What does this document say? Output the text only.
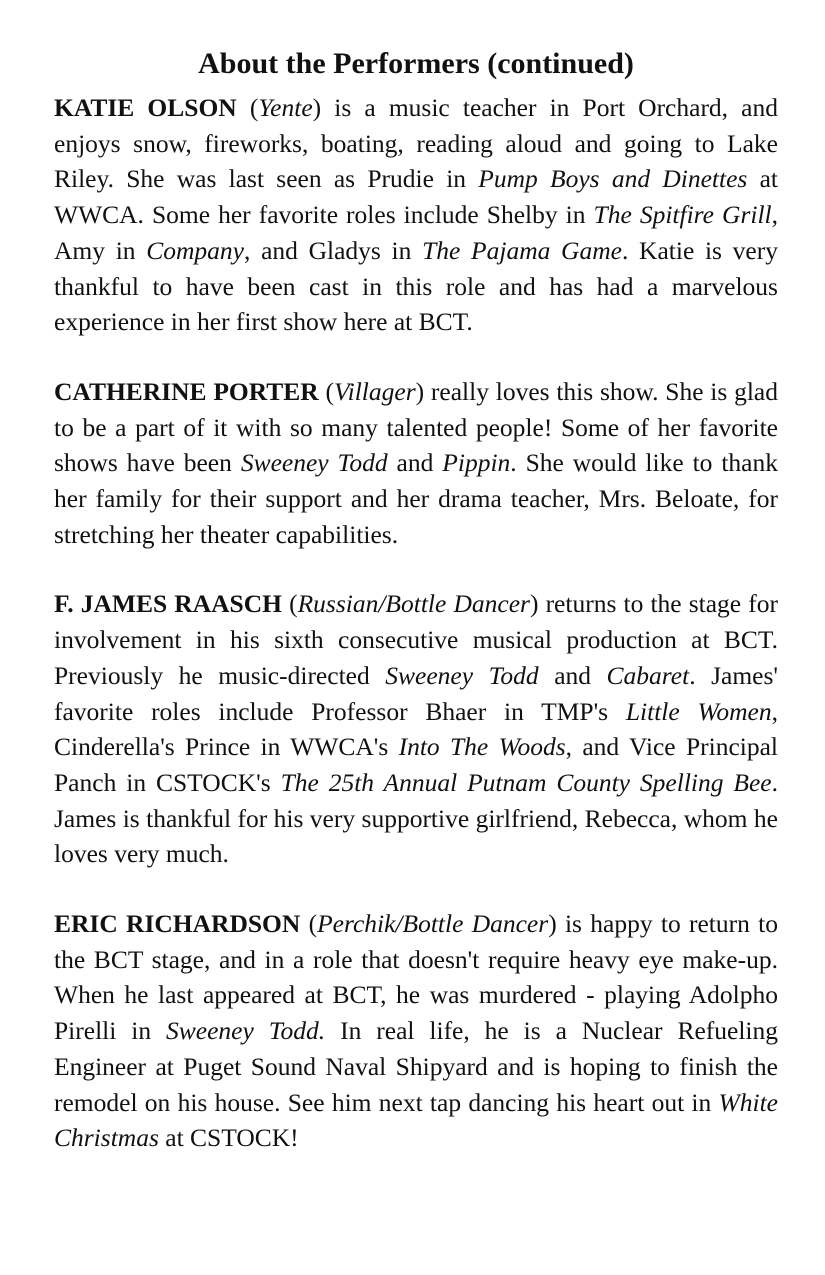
About the Performers (continued)

KATIE OLSON (Yente) is a music teacher in Port Orchard, and enjoys snow, fireworks, boating, reading aloud and going to Lake Riley. She was last seen as Prudie in Pump Boys and Dinettes at WWCA. Some her favorite roles include Shelby in The Spitfire Grill, Amy in Company, and Gladys in The Pajama Game. Katie is very thankful to have been cast in this role and has had a marvelous experience in her first show here at BCT.

CATHERINE PORTER (Villager) really loves this show. She is glad to be a part of it with so many talented people! Some of her favorite shows have been Sweeney Todd and Pippin. She would like to thank her family for their support and her drama teacher, Mrs. Beloate, for stretching her theater capabilities.

F. JAMES RAASCH (Russian/Bottle Dancer) returns to the stage for involvement in his sixth consecutive musical production at BCT. Previously he music-directed Sweeney Todd and Cabaret. James' favorite roles include Professor Bhaer in TMP's Little Women, Cinderella's Prince in WWCA's Into The Woods, and Vice Principal Panch in CSTOCK's The 25th Annual Putnam County Spelling Bee. James is thankful for his very supportive girlfriend, Rebecca, whom he loves very much.

ERIC RICHARDSON (Perchik/Bottle Dancer) is happy to return to the BCT stage, and in a role that doesn't require heavy eye make-up. When he last appeared at BCT, he was murdered - playing Adolpho Pirelli in Sweeney Todd. In real life, he is a Nuclear Refueling Engineer at Puget Sound Naval Shipyard and is hoping to finish the remodel on his house. See him next tap dancing his heart out in White Christmas at CSTOCK!
